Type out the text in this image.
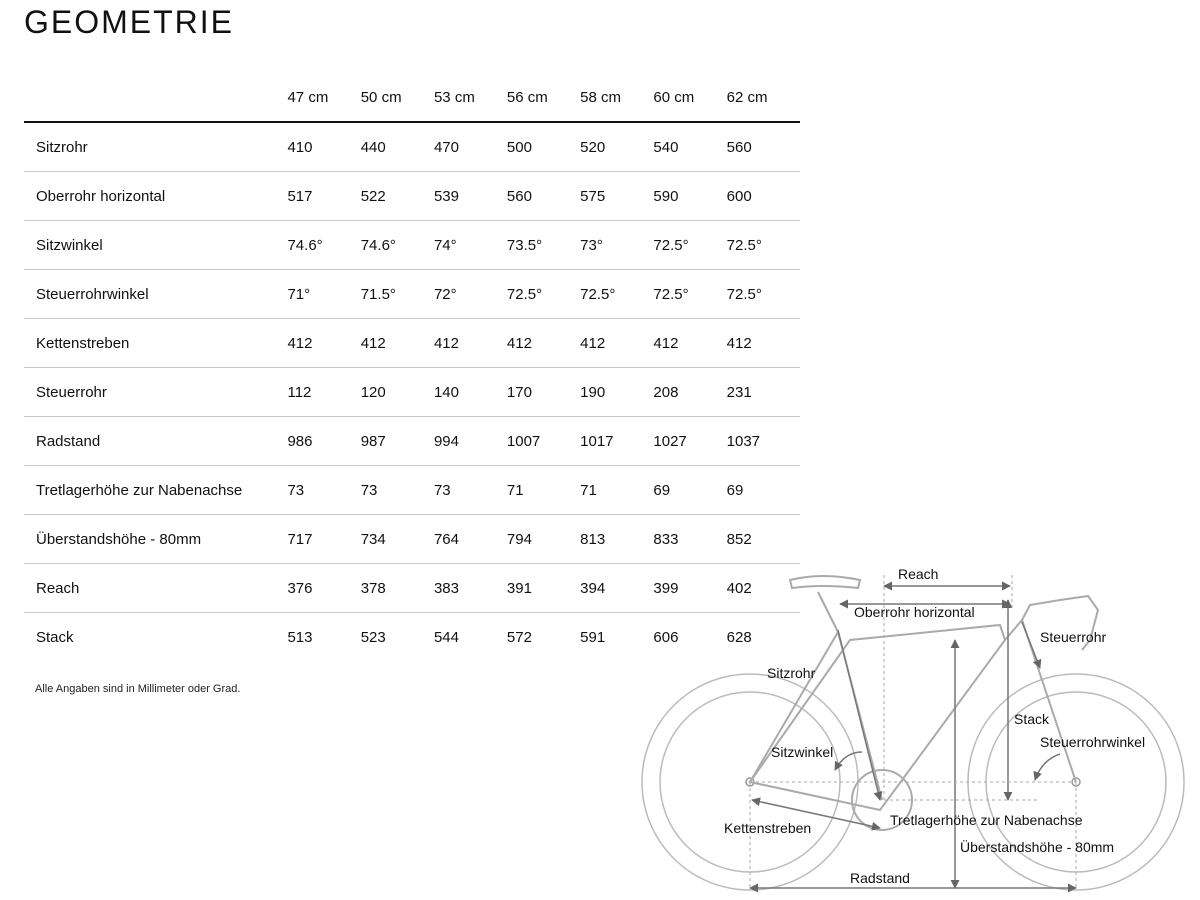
GEOMETRIE
	47 cm	50 cm	53 cm	56 cm	58 cm	60 cm	62 cm
Sitzrohr	410	440	470	500	520	540	560
Oberrohr horizontal	517	522	539	560	575	590	600
Sitzwinkel	74.6°	74.6°	74°	73.5°	73°	72.5°	72.5°
Steuerrohrwinkel	71°	71.5°	72°	72.5°	72.5°	72.5°	72.5°
Kettenstreben	412	412	412	412	412	412	412
Steuerrohr	112	120	140	170	190	208	231
Radstand	986	987	994	1007	1017	1027	1037
Tretlagerhöhe zur Nabenachse	73	73	73	71	71	69	69
Überstandshöhe - 80mm	717	734	764	794	813	833	852
Reach	376	378	383	391	394	399	402
Stack	513	523	544	572	591	606	628
Alle Angaben sind in Millimeter oder Grad.
Reach
Oberrohr horizontal
Steuerrohr
Sitzrohr
Stack
Sitzwinkel
Steuerrohrwinkel
Kettenstreben	Tretlagerhöhe zur Nabenachse
Überstandshöhe - 80mm
Radstand
